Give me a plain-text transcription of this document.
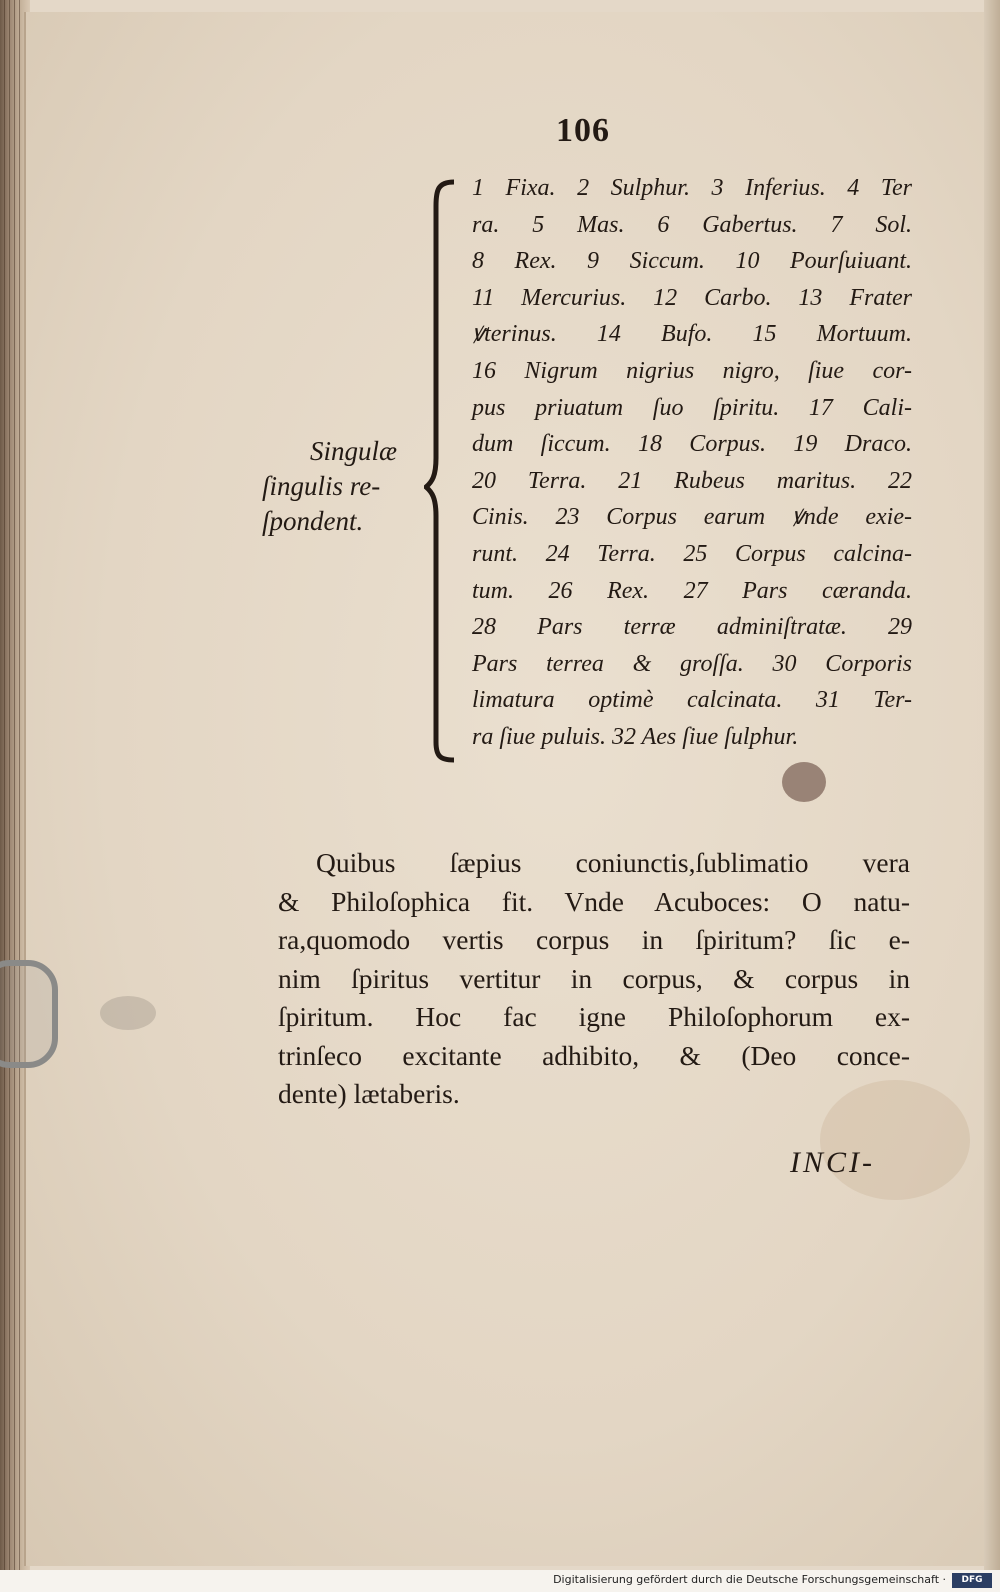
106
Singulæ
ſingulis re-
ſpondent.
1 Fixa. 2 Sulphur. 3 Inferius. 4 Ter
ra. 5 Mas. 6 Gabertus. 7 Sol.
8 Rex. 9 Siccum. 10 Pourſuiuant.
11 Mercurius. 12 Carbo. 13 Frater
ꝟterinus. 14 Bufo. 15 Mortuum.
16 Nigrum nigrius nigro, ſiue cor-
pus priuatum ſuo ſpiritu. 17 Cali-
dum ſiccum. 18 Corpus. 19 Draco.
20 Terra. 21 Rubeus maritus. 22
Cinis. 23 Corpus earum ꝟnde exie-
runt. 24 Terra. 25 Corpus calcina-
tum. 26 Rex. 27 Pars cæranda.
28 Pars terræ adminiſtratæ. 29
Pars terrea & groſſa. 30 Corporis
limatura optimè calcinata. 31 Ter-
ra ſiue puluis. 32 Aes ſiue ſulphur.
Quibus ſæpius coniunctis,ſublimatio vera
& Philoſophica fit. Vnde Acuboces: O natu-
ra,quomodo vertis corpus in ſpiritum? ſic e-
nim ſpiritus vertitur in corpus, & corpus in
ſpiritum. Hoc fac igne Philoſophorum ex-
trinſeco excitante adhibito, & (Deo conce-
dente) lætaberis.
INCI-
Digitalisierung gefördert durch die Deutsche Forschungsgemeinschaft ·	DFG
